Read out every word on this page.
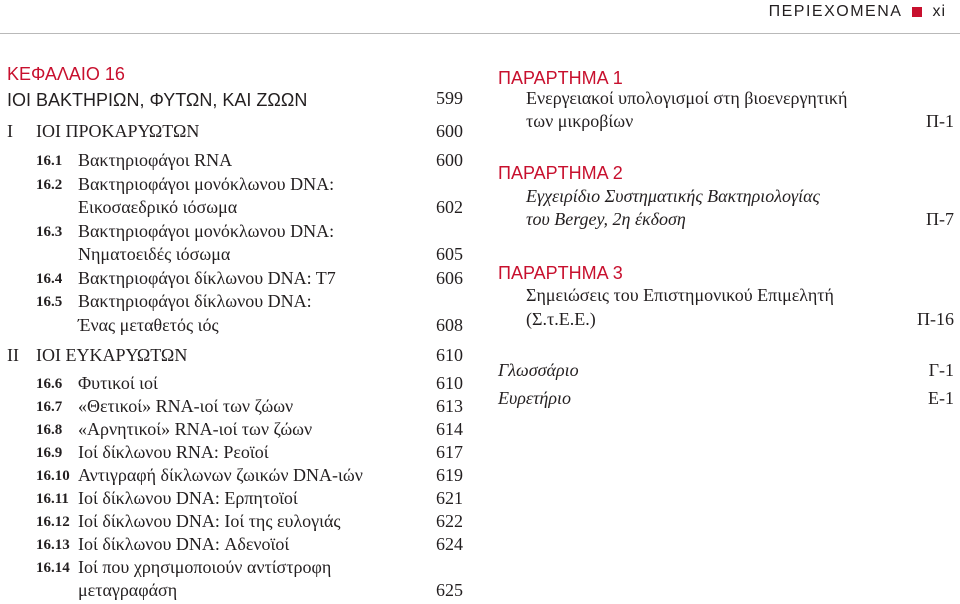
ΠΕΡΙΕΧΟΜΕΝΑ xi
ΚΕΦΑΛΑΙΟ 16
ΙΟΙ ΒΑΚΤΗΡΙΩΝ, ΦΥΤΩΝ, ΚΑΙ ΖΩΩΝ	599
I ΙΟΙ ΠΡΟΚΑΡΥΩΤΩΝ	600
16.1 Βακτηριοφάγοι RNA	600
16.2 Βακτηριοφάγοι μονόκλωνου DNA:
Εικοσαεδρικό ιόσωμα	602
16.3 Βακτηριοφάγοι μονόκλωνου DNA:
Νηματοειδές ιόσωμα	605
16.4 Βακτηριοφάγοι δίκλωνου DNA: T7	606
16.5 Βακτηριοφάγοι δίκλωνου DNA:
Ένας μεταθετός ιός	608
II ΙΟΙ ΕΥΚΑΡΥΩΤΩΝ	610
16.6 Φυτικοί ιοί	610
16.7 «Θετικοί» RNA-ιοί των ζώων	613
16.8 «Αρνητικοί» RNA-ιοί των ζώων	614
16.9 Ιοί δίκλωνου RNA: Ρεοϊοί	617
16.10 Αντιγραφή δίκλωνων ζωικών DNA-ιών	619
16.11 Ιοί δίκλωνου DNA: Ερπητοϊοί	621
16.12 Ιοί δίκλωνου DNA: Ιοί της ευλογιάς	622
16.13 Ιοί δίκλωνου DNA: Αδενοϊοί	624
16.14 Ιοί που χρησιμοποιούν αντίστροφη
μεταγραφάση	625
ΠΑΡΑΡΤΗΜΑ 1
Ενεργειακοί υπολογισμοί στη βιοενεργητική
των μικροβίων	Π-1
ΠΑΡΑΡΤΗΜΑ 2
Εγχειρίδιο Συστηματικής Βακτηριολογίας
του Bergey, 2η έκδοση	Π-7
ΠΑΡΑΡΤΗΜΑ 3
Σημειώσεις του Επιστημονικού Επιμελητή
(Σ.τ.Ε.Ε.)	Π-16
Γλωσσάριο	Γ-1
Ευρετήριο	Ε-1
